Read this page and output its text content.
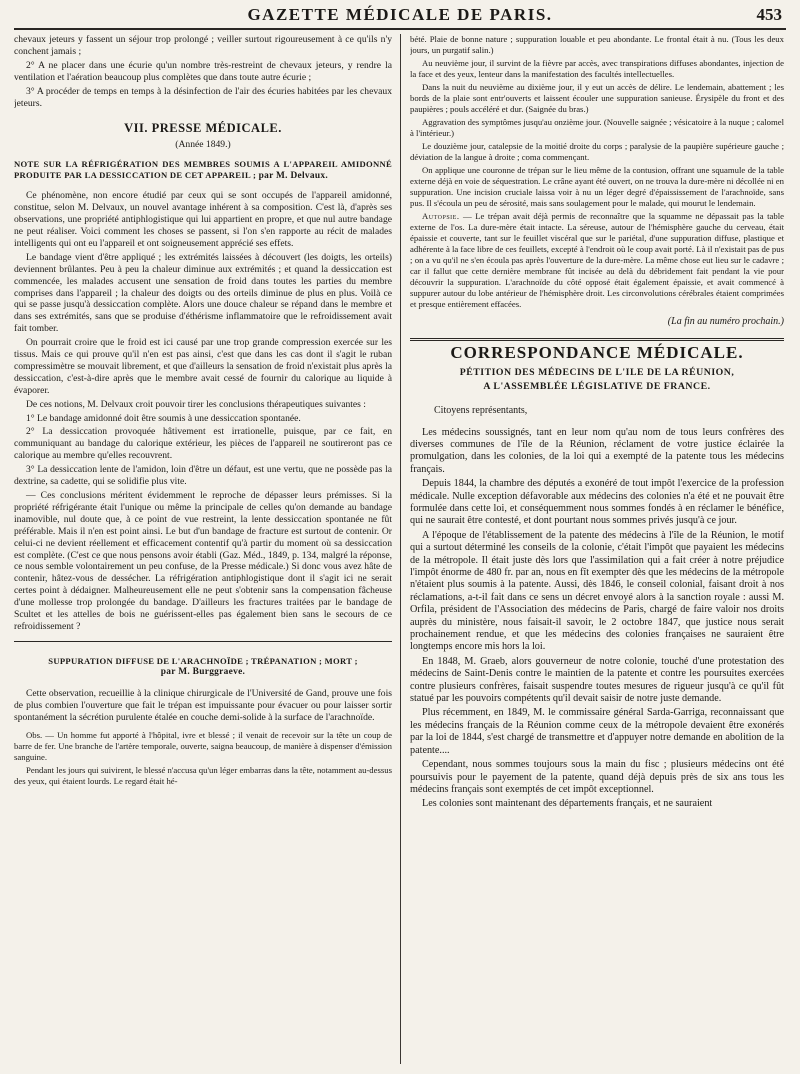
GAZETTE MÉDICALE DE PARIS.	453

chevaux jeteurs y fassent un séjour trop prolongé ; veiller surtout rigoureusement à ce qu'ils n'y conchent jamais ;

2° A ne placer dans une écurie qu'un nombre très-restreint de chevaux jeteurs, y rendre la ventilation et l'aération beaucoup plus complètes que dans toute autre écurie ;

3° A procéder de temps en temps à la désinfection de l'air des écuries habitées par les chevaux jeteurs.

VII. PRESSE MÉDICALE.
(Année 1849.)
NOTE SUR LA RÉFRIGÉRATION DES MEMBRES SOUMIS A L'APPAREIL AMIDONNÉ PRODUITE PAR LA DESSICCATION DE CET APPAREIL ; par M. Delvaux.

Ce phénomène, non encore étudié par ceux qui se sont occupés de l'appareil amidonné, constitue, selon M. Delvaux, un nouvel avantage inhérent à sa composition. C'est là, d'après ses observations, une propriété antiphlogistique qui lui appartient en propre, et que nul autre bandage ne peut réaliser. Voici comment les choses se passent, si l'on s'en rapporte au récit de malades intelligents qui ont eu l'appareil et ont soigneusement apprécié ses effets.

Le bandage vient d'être appliqué ; les extrémités laissées à découvert (les doigts, les orteils) deviennent brûlantes. Peu à peu la chaleur diminue aux extrémités ; et quand la dessiccation est commencée, les malades accusent une sensation de froid dans toutes les parties du membre comprises dans l'appareil ; la chaleur des doigts ou des orteils diminue de plus en plus. Voilà ce qui se passe jusqu'à dessiccation complète. Alors une douce chaleur se répand dans le membre et dans ses extrémités, sans que se produise d'éthérisme inflammatoire que le refroidissement avait fait tomber.

On pourrait croire que le froid est ici causé par une trop grande compression exercée sur les tissus. Mais ce qui prouve qu'il n'en est pas ainsi, c'est que dans les cas dont il s'agit le ruban compressimètre se mouvait librement, et que d'ailleurs la sensation de froid n'existait plus après la dessiccation, c'est-à-dire après que le membre avait cessé de fournir du calorique au liquide à évaporer.

De ces notions, M. Delvaux croit pouvoir tirer les conclusions thérapeutiques suivantes :

1° Le bandage amidonné doit être soumis à une dessiccation spontanée.

2° La dessiccation provoquée hâtivement est irrationelle, puisque, par ce fait, en communiquant au bandage du calorique extérieur, les pièces de l'appareil ne soutireront pas ce calorique au membre qu'elles recouvrent.

3° La dessiccation lente de l'amidon, loin d'être un défaut, est une vertu, que ne possède pas la dextrine, sa cadette, qui se solidifie plus vite.

— Ces conclusions méritent évidemment le reproche de dépasser leurs prémisses. Si la propriété réfrigérante était l'unique ou même la principale de celles qu'on demande au bandage inamovible, nul doute que, à ce point de vue restreint, la lente dessiccation spontanée ne fût préférable. Mais il n'en est point ainsi. Le but d'un bandage de fracture est surtout de contenir. Or celui-ci ne devient réellement et efficacement contentif qu'à partir du moment où sa dessiccation est complète. (C'est ce que nous pensons avoir établi (Gaz. Méd., 1849, p. 134, malgré la réponse, ce nous semble volontairement un peu confuse, de la Presse médicale.) Si donc vous avez hâte de contenir, hâtez-vous de dessécher. La réfrigération antiphlogistique dont il s'agit ici ne serait certes point à dédaigner. Malheureusement elle ne peut s'obtenir sans la compensation fâcheuse d'une mollesse trop prolongée du bandage. D'ailleurs les fractures traitées par le bandage de Scultet et les attelles de bois ne guérissent-elles pas également bien sans le secours de ce refroidissement ?

SUPPURATION DIFFUSE DE L'ARACHNOÏDE ; TRÉPANATION ; MORT ;
par M. Burggraeve.

Cette observation, recueillie à la clinique chirurgicale de l'Université de Gand, prouve une fois de plus combien l'ouverture que fait le trépan est impuissante pour évacuer ou pour laisser sortir spontanément la sécrétion purulente étalée en couche demi-solide à la surface de l'arachnoïde.

Obs. — Un homme fut apporté à l'hôpital, ivre et blessé ; il venait de recevoir sur la tête un coup de barre de fer. Une branche de l'artère temporale, ouverte, saigna beaucoup, de manière à dispenser d'émission sanguine.

Pendant les jours qui suivirent, le blessé n'accusa qu'un léger embarras dans la tête, notamment au-dessus des yeux, qui étaient lourds. Le regard était hé-

bété. Plaie de bonne nature ; suppuration louable et peu abondante. Le frontal était à nu. (Tous les deux jours, un purgatif salin.)

Au neuvième jour, il survint de la fièvre par accès, avec transpirations diffuses abondantes, injection de la face et des yeux, lenteur dans la manifestation des facultés intellectuelles.

Dans la nuit du neuvième au dixième jour, il y eut un accès de délire. Le lendemain, abattement ; les bords de la plaie sont entr'ouverts et laissent écouler une suppuration sanieuse. Érysipèle du front et des paupières ; pouls accéléré et dur. (Saignée du bras.)

Aggravation des symptômes jusqu'au onzième jour. (Nouvelle saignée ; vésicatoire à la nuque ; calomel à l'intérieur.)

Le douzième jour, catalepsie de la moitié droite du corps ; paralysie de la paupière supérieure gauche ; déviation de la langue à droite ; coma commençant.

On applique une couronne de trépan sur le lieu même de la contusion, offrant une squamule de la table externe déjà en voie de séquestration. Le crâne ayant été ouvert, on ne trouva la dure-mère ni décollée ni en suppuration. Une incision cruciale laissa voir à nu un léger degré d'épaississement de l'arachnoïde, sans pus. Il s'écoula un peu de sérosité, mais sans soulagement pour le malade, qui mourut le lendemain.

Autopsie. — Le trépan avait déjà permis de reconnaître que la squamme ne dépassait pas la table externe de l'os. La dure-mère était intacte. La séreuse, autour de l'hémisphère gauche du cerveau, était épaissie et couverte, tant sur le feuillet viscéral que sur le pariétal, d'une suppuration diffuse, plastique et adhérente à la face libre de ces feuillets, excepté à l'endroit où le coup avait porté. Là il n'existait pas de pus ; on a vu qu'il ne s'en écoula pas après l'ouverture de la dure-mère. La même chose eut lieu sur le cadavre ; car il fallut que cette dernière membrane fût incisée au delà du débridement fait pendant la vie pour découvrir la suppuration. L'arachnoïde du côté opposé était également épaissie, et avait commencé à suppurer autour du lobe antérieur de l'hémisphère droit. Les circonvolutions cérébrales étaient comprimées et presque entièrement effacées.

(La fin au numéro prochain.)
CORRESPONDANCE MÉDICALE.
PÉTITION DES MÉDECINS DE L'ILE DE LA RÉUNION,
A L'ASSEMBLÉE LÉGISLATIVE DE FRANCE.

Citoyens représentants,

Les médecins soussignés, tant en leur nom qu'au nom de tous leurs confrères des diverses communes de l'île de la Réunion, réclament de votre justice éclairée la promulgation, dans les colonies, de la loi qui a exempté de la patente tous les médecins français.

Depuis 1844, la chambre des députés a exonéré de tout impôt l'exercice de la profession médicale. Nulle exception défavorable aux médecins des colonies n'a été et ne pouvait être formulée dans cette loi, et conséquemment nous sommes fondés à en réclamer le bénéfice, qui ne saurait être contesté, et dont pourtant nous sommes privés jusqu'à ce jour.

A l'époque de l'établissement de la patente des médecins à l'île de la Réunion, le motif qui a surtout déterminé les conseils de la colonie, c'était l'impôt que payaient les médecins de la métropole. Il était juste dès lors que l'assimilation qui a fait créer à notre préjudice l'impôt énorme de 480 fr. par an, nous en fît exempter dès que les médecins de la métropole n'étaient plus soumis à la patente. Aussi, dès 1846, le conseil colonial, faisant droit à nos réclamations, a-t-il fait dans ce sens un décret envoyé alors à la sanction royale : aussi M. Orfila, président de l'Association des médecins de Paris, chargé de faire valoir nos droits auprès du ministère, nous faisait-il savoir, le 2 octobre 1847, que justice nous serait prochainement rendue, et que les médecins des colonies françaises ne sauraient être longtemps encore mis hors la loi.

En 1848, M. Graeb, alors gouverneur de notre colonie, touché d'une protestation des médecins de Saint-Denis contre le maintien de la patente et contre les poursuites exercées contre plusieurs confrères, faisait suspendre toutes mesures de rigueur jusqu'à ce qu'il fût statué par les pouvoirs compétents qu'il devait saisir de notre juste demande.

Plus récemment, en 1849, M. le commissaire général Sarda-Garriga, reconnaissant que les médecins français de la Réunion comme ceux de la métropole devaient être exonérés par la loi de 1844, s'est chargé de transmettre et d'appuyer notre demande en abolition de la patente....

Cependant, nous sommes toujours sous la main du fisc ; plusieurs médecins ont été poursuivis pour le payement de la patente, quand déjà depuis près de six ans tous les médecins français sont exemptés de cet impôt exceptionnel.

Les colonies sont maintenant des départements français, et ne sauraient
